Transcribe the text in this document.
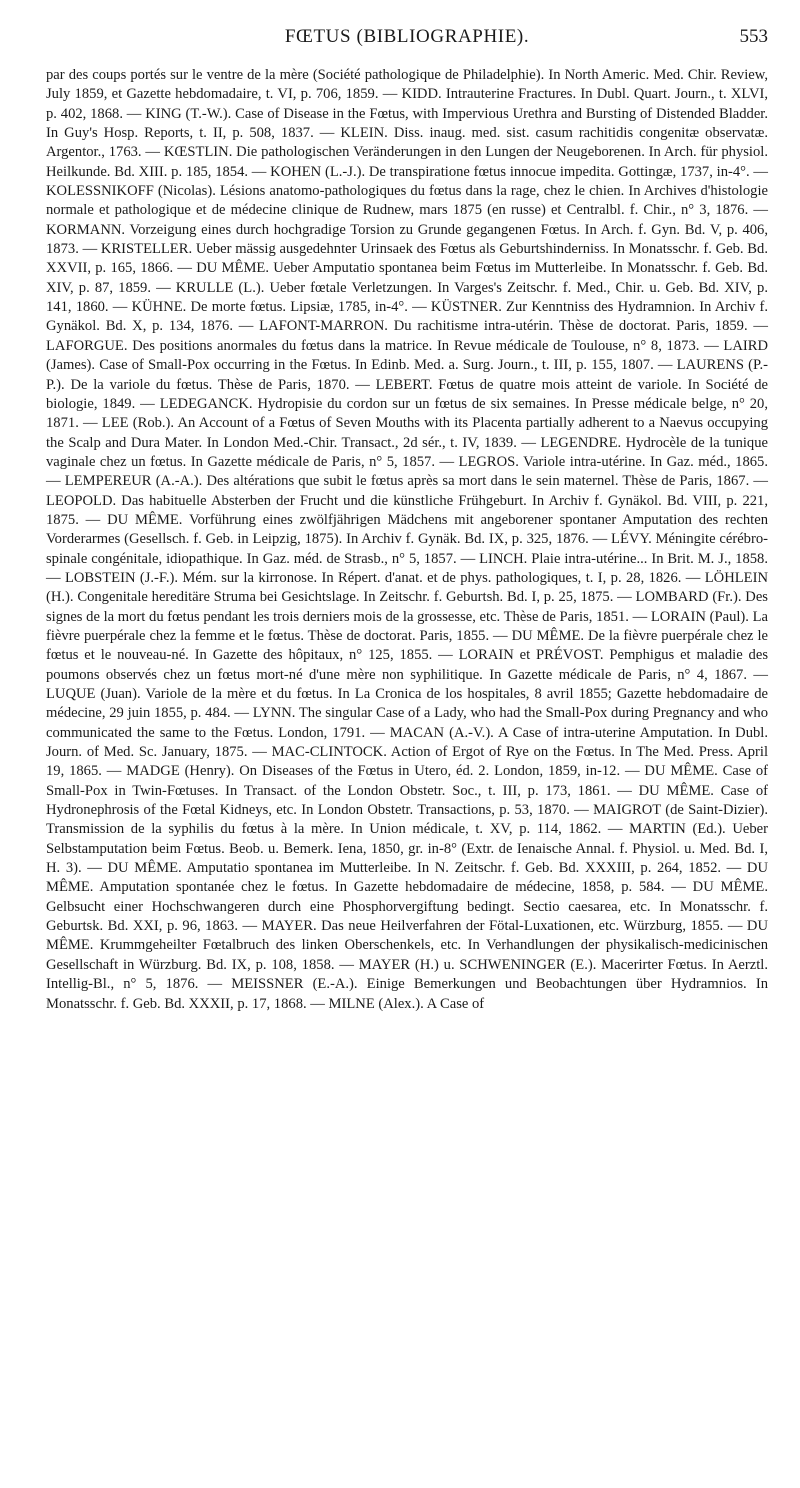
FŒTUS (BIBLIOGRAPHIE).	553

par des coups portés sur le ventre de la mère (Société pathologique de Philadelphie). In North Americ. Med. Chir. Review, July 1859, et Gazette hebdomadaire, t. VI, p. 706, 1859. — KIDD. Intrauterine Fractures. In Dubl. Quart. Journ., t. XLVI, p. 402, 1868. — KING (T.-W.). Case of Disease in the Fœtus, with Impervious Urethra and Bursting of Distended Bladder. In Guy's Hosp. Reports, t. II, p. 508, 1837. — KLEIN. Diss. inaug. med. sist. casum rachitidis congenitæ observatæ. Argentor., 1763. — KŒSTLIN. Die pathologischen Veränderungen in den Lungen der Neugeborenen. In Arch. für physiol. Heilkunde. Bd. XIII. p. 185, 1854. — KOHEN (L.-J.). De transpiratione fœtus innocue impedita. Gottingæ, 1737, in-4°. — KOLESSNIKOFF (Nicolas). Lésions anatomo-pathologiques du fœtus dans la rage, chez le chien. In Archives d'histologie normale et pathologique et de médecine clinique de Rudnew, mars 1875 (en russe) et Centralbl. f. Chir., n° 3, 1876. — KORMANN. Vorzeigung eines durch hochgradige Torsion zu Grunde gegangenen Fœtus. In Arch. f. Gyn. Bd. V, p. 406, 1873. — KRISTELLER. Ueber mässig ausgedehnter Urinsaek des Fœtus als Geburtshinderniss. In Monatsschr. f. Geb. Bd. XXVII, p. 165, 1866. — DU MÊME. Ueber Amputatio spontanea beim Fœtus im Mutterleibe. In Monatsschr. f. Geb. Bd. XIV, p. 87, 1859. — KRULLE (L.). Ueber fœtale Verletzungen. In Varges's Zeitschr. f. Med., Chir. u. Geb. Bd. XIV, p. 141, 1860. — KÜHNE. De morte fœtus. Lipsiæ, 1785, in-4°. — KÜSTNER. Zur Kenntniss des Hydramnion. In Archiv f. Gynäkol. Bd. X, p. 134, 1876. — LAFONT-MARRON. Du rachitisme intra-utérin. Thèse de doctorat. Paris, 1859. — LAFORGUE. Des positions anormales du fœtus dans la matrice. In Revue médicale de Toulouse, n° 8, 1873. — LAIRD (James). Case of Small-Pox occurring in the Fœtus. In Edinb. Med. a. Surg. Journ., t. III, p. 155, 1807. — LAURENS (P.-P.). De la variole du fœtus. Thèse de Paris, 1870. — LEBERT. Fœtus de quatre mois atteint de variole. In Société de biologie, 1849. — LEDEGANCK. Hydropisie du cordon sur un fœtus de six semaines. In Presse médicale belge, n° 20, 1871. — LEE (Rob.). An Account of a Fœtus of Seven Mouths with its Placenta partially adherent to a Naevus occupying the Scalp and Dura Mater. In London Med.-Chir. Transact., 2d sér., t. IV, 1839. — LEGENDRE. Hydrocèle de la tunique vaginale chez un fœtus. In Gazette médicale de Paris, n° 5, 1857. — LEGROS. Variole intra-utérine. In Gaz. méd., 1865. — LEMPEREUR (A.-A.). Des altérations que subit le fœtus après sa mort dans le sein maternel. Thèse de Paris, 1867. — LEOPOLD. Das habituelle Absterben der Frucht und die künstliche Frühgeburt. In Archiv f. Gynäkol. Bd. VIII, p. 221, 1875. — DU MÊME. Vorführung eines zwölfjährigen Mädchens mit angeborener spontaner Amputation des rechten Vorderarmes (Gesellsch. f. Geb. in Leipzig, 1875). In Archiv f. Gynäk. Bd. IX, p. 325, 1876. — LÉVY. Méningite cérébro-spinale congénitale, idiopathique. In Gaz. méd. de Strasb., n° 5, 1857. — LINCH. Plaie intra-utérine... In Brit. M. J., 1858. — LOBSTEIN (J.-F.). Mém. sur la kirronose. In Répert. d'anat. et de phys. pathologiques, t. I, p. 28, 1826. — LÖHLEIN (H.). Congenitale hereditäre Struma bei Gesichtslage. In Zeitschr. f. Geburtsh. Bd. I, p. 25, 1875. — LOMBARD (Fr.). Des signes de la mort du fœtus pendant les trois derniers mois de la grossesse, etc. Thèse de Paris, 1851. — LORAIN (Paul). La fièvre puerpérale chez la femme et le fœtus. Thèse de doctorat. Paris, 1855. — DU MÊME. De la fièvre puerpérale chez le fœtus et le nouveau-né. In Gazette des hôpitaux, n° 125, 1855. — LORAIN et PRÉVOST. Pemphigus et maladie des poumons observés chez un fœtus mort-né d'une mère non syphilitique. In Gazette médicale de Paris, n° 4, 1867. — LUQUE (Juan). Variole de la mère et du fœtus. In La Cronica de los hospitales, 8 avril 1855; Gazette hebdomadaire de médecine, 29 juin 1855, p. 484. — LYNN. The singular Case of a Lady, who had the Small-Pox during Pregnancy and who communicated the same to the Fœtus. London, 1791. — MACAN (A.-V.). A Case of intra-uterine Amputation. In Dubl. Journ. of Med. Sc. January, 1875. — MAC-CLINTOCK. Action of Ergot of Rye on the Fœtus. In The Med. Press. April 19, 1865. — MADGE (Henry). On Diseases of the Fœtus in Utero, éd. 2. London, 1859, in-12. — DU MÊME. Case of Small-Pox in Twin-Fœtuses. In Transact. of the London Obstetr. Soc., t. III, p. 173, 1861. — DU MÊME. Case of Hydronephrosis of the Fœtal Kidneys, etc. In London Obstetr. Transactions, p. 53, 1870. — MAIGROT (de Saint-Dizier). Transmission de la syphilis du fœtus à la mère. In Union médicale, t. XV, p. 114, 1862. — MARTIN (Ed.). Ueber Selbstamputation beim Fœtus. Beob. u. Bemerk. Iena, 1850, gr. in-8° (Extr. de Ienaische Annal. f. Physiol. u. Med. Bd. I, H. 3). — DU MÊME. Amputatio spontanea im Mutterleibe. In N. Zeitschr. f. Geb. Bd. XXXIII, p. 264, 1852. — DU MÊME. Amputation spontanée chez le fœtus. In Gazette hebdomadaire de médecine, 1858, p. 584. — DU MÊME. Gelbsucht einer Hochschwangeren durch eine Phosphorvergiftung bedingt. Sectio caesarea, etc. In Monatsschr. f. Geburtsk. Bd. XXI, p. 96, 1863. — MAYER. Das neue Heilverfahren der Fötal-Luxationen, etc. Würzburg, 1855. — DU MÊME. Krummgeheilter Fœtalbruch des linken Oberschenkels, etc. In Verhandlungen der physikalisch-medicinischen Gesellschaft in Würzburg. Bd. IX, p. 108, 1858. — MAYER (H.) u. SCHWENINGER (E.). Macerirter Fœtus. In Aerztl. Intellig-Bl., n° 5, 1876. — MEISSNER (E.-A.). Einige Bemerkungen und Beobachtungen über Hydramnios. In Monatsschr. f. Geb. Bd. XXXII, p. 17, 1868. — MILNE (Alex.). A Case of
